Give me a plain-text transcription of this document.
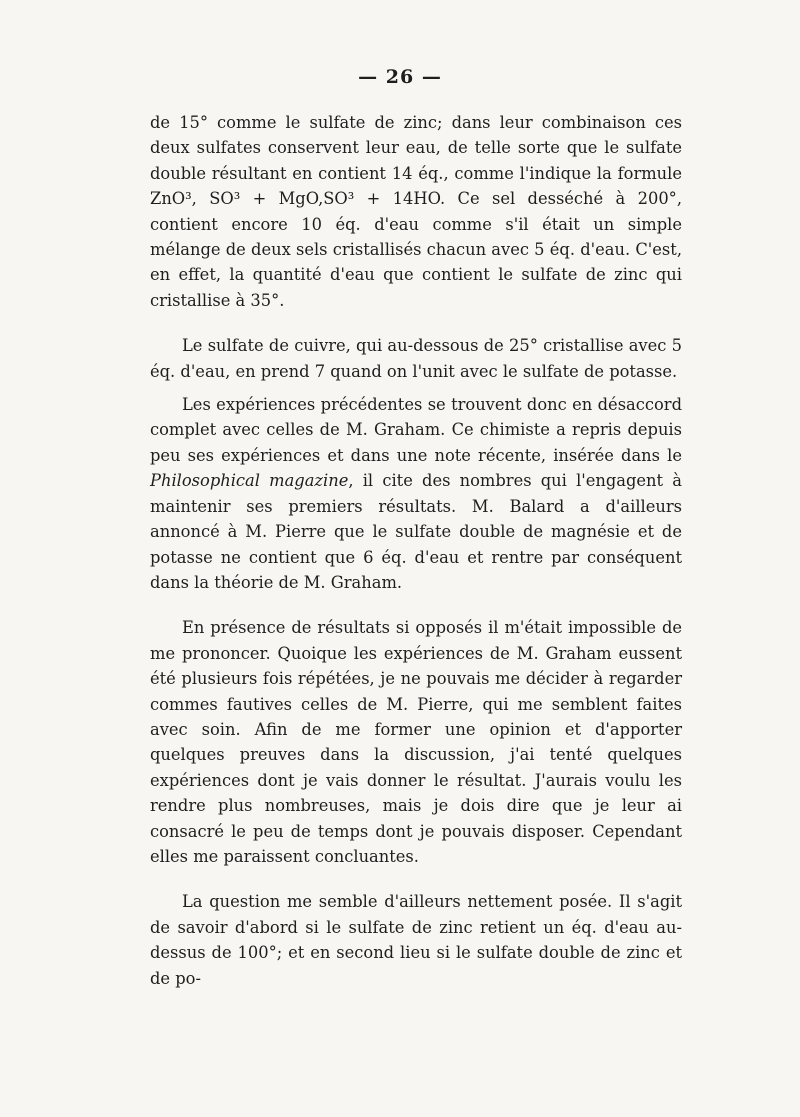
— 26 —

de 15° comme le sulfate de zinc; dans leur combinaison ces deux sulfates conservent leur eau, de telle sorte que le sulfate double résultant en contient 14 éq., comme l'indique la formule ZnO³, SO³ + MgO,SO³ + 14HO. Ce sel desséché à 200°, contient encore 10 éq. d'eau comme s'il était un simple mélange de deux sels cristallisés chacun avec 5 éq. d'eau. C'est, en effet, la quantité d'eau que contient le sulfate de zinc qui cristallise à 35°.

Le sulfate de cuivre, qui au-dessous de 25° cristallise avec 5 éq. d'eau, en prend 7 quand on l'unit avec le sulfate de potasse.

Les expériences précédentes se trouvent donc en désaccord complet avec celles de M. Graham. Ce chimiste a repris depuis peu ses expériences et dans une note récente, insérée dans le Philosophical magazine, il cite des nombres qui l'engagent à maintenir ses premiers résultats. M. Balard a d'ailleurs annoncé à M. Pierre que le sulfate double de magnésie et de potasse ne contient que 6 éq. d'eau et rentre par conséquent dans la théorie de M. Graham.

En présence de résultats si opposés il m'était impossible de me prononcer. Quoique les expériences de M. Graham eussent été plusieurs fois répétées, je ne pouvais me décider à regarder commes fautives celles de M. Pierre, qui me semblent faites avec soin. Afin de me former une opinion et d'apporter quelques preuves dans la discussion, j'ai tenté quelques expériences dont je vais donner le résultat. J'aurais voulu les rendre plus nombreuses, mais je dois dire que je leur ai consacré le peu de temps dont je pouvais disposer. Cependant elles me paraissent concluantes.

La question me semble d'ailleurs nettement posée. Il s'agit de savoir d'abord si le sulfate de zinc retient un éq. d'eau au-dessus de 100°; et en second lieu si le sulfate double de zinc et de po-
